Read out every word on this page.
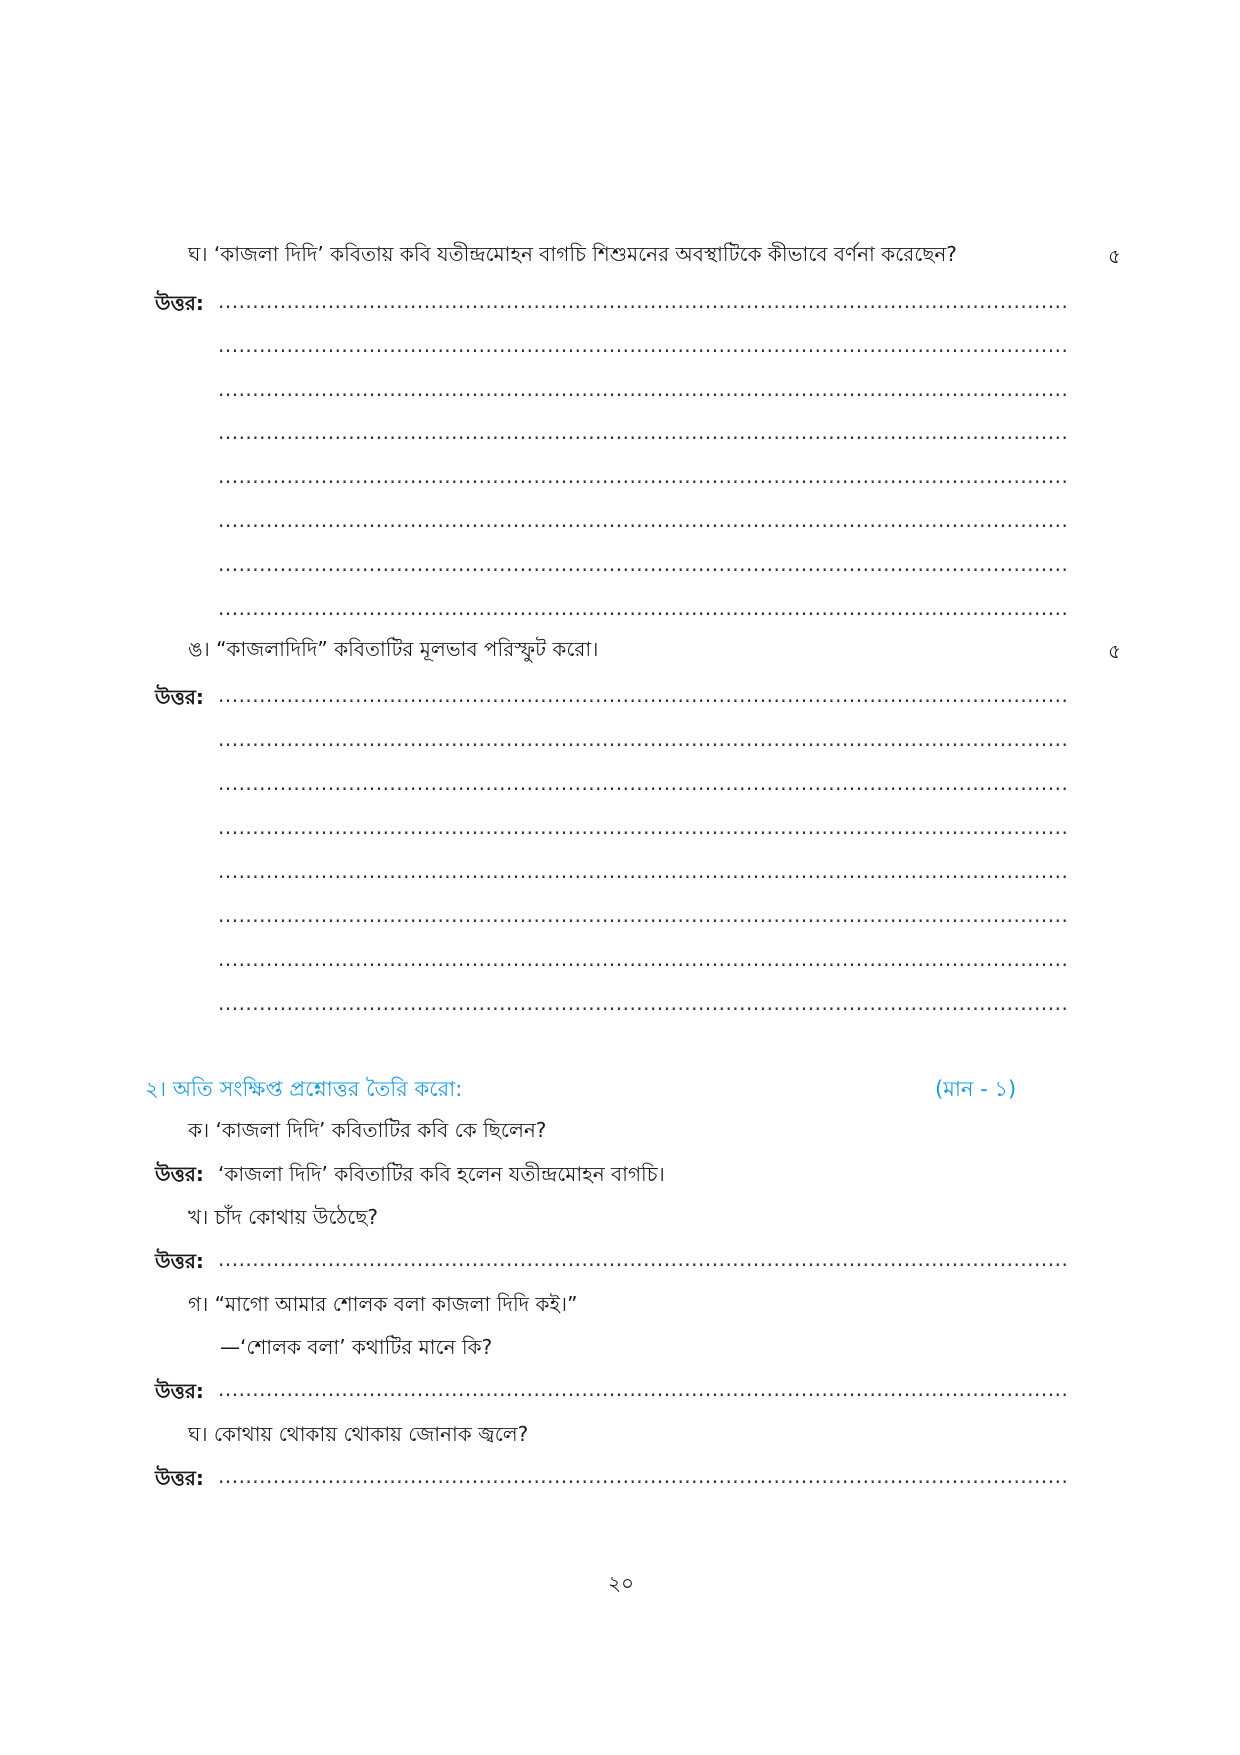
ঘ। ‘কাজলা দিদি’ কবিতায় কবি যতীন্দ্রমোহন বাগচি শিশুমনের অবস্থাটিকে কীভাবে বর্ণনা করেছেন?	৫
উত্তর: ............................................................................................................................
............................................................................................................................
............................................................................................................................
............................................................................................................................
............................................................................................................................
............................................................................................................................
............................................................................................................................
............................................................................................................................
ঙ। “কাজলাদিদি” কবিতাটির মূলভাব পরিস্ফুট করো।	৫
উত্তর: ............................................................................................................................
............................................................................................................................
............................................................................................................................
............................................................................................................................
............................................................................................................................
............................................................................................................................
............................................................................................................................
............................................................................................................................
২। অতি সংক্ষিপ্ত প্রশ্নোত্তর তৈরি করো:	(মান - ১)
ক। ‘কাজলা দিদি’ কবিতাটির কবি কে ছিলেন?
উত্তর: ‘কাজলা দিদি’ কবিতাটির কবি হলেন যতীন্দ্রমোহন বাগচি।
খ। চাঁদ কোথায় উঠেছে?
উত্তর: ............................................................................................................................
গ। “মাগো আমার শোলক বলা কাজলা দিদি কই।”
—‘শোলক বলা’ কথাটির মানে কি?
উত্তর: ............................................................................................................................
ঘ। কোথায় থোকায় থোকায় জোনাক জ্বলে?
উত্তর: ............................................................................................................................
২০
